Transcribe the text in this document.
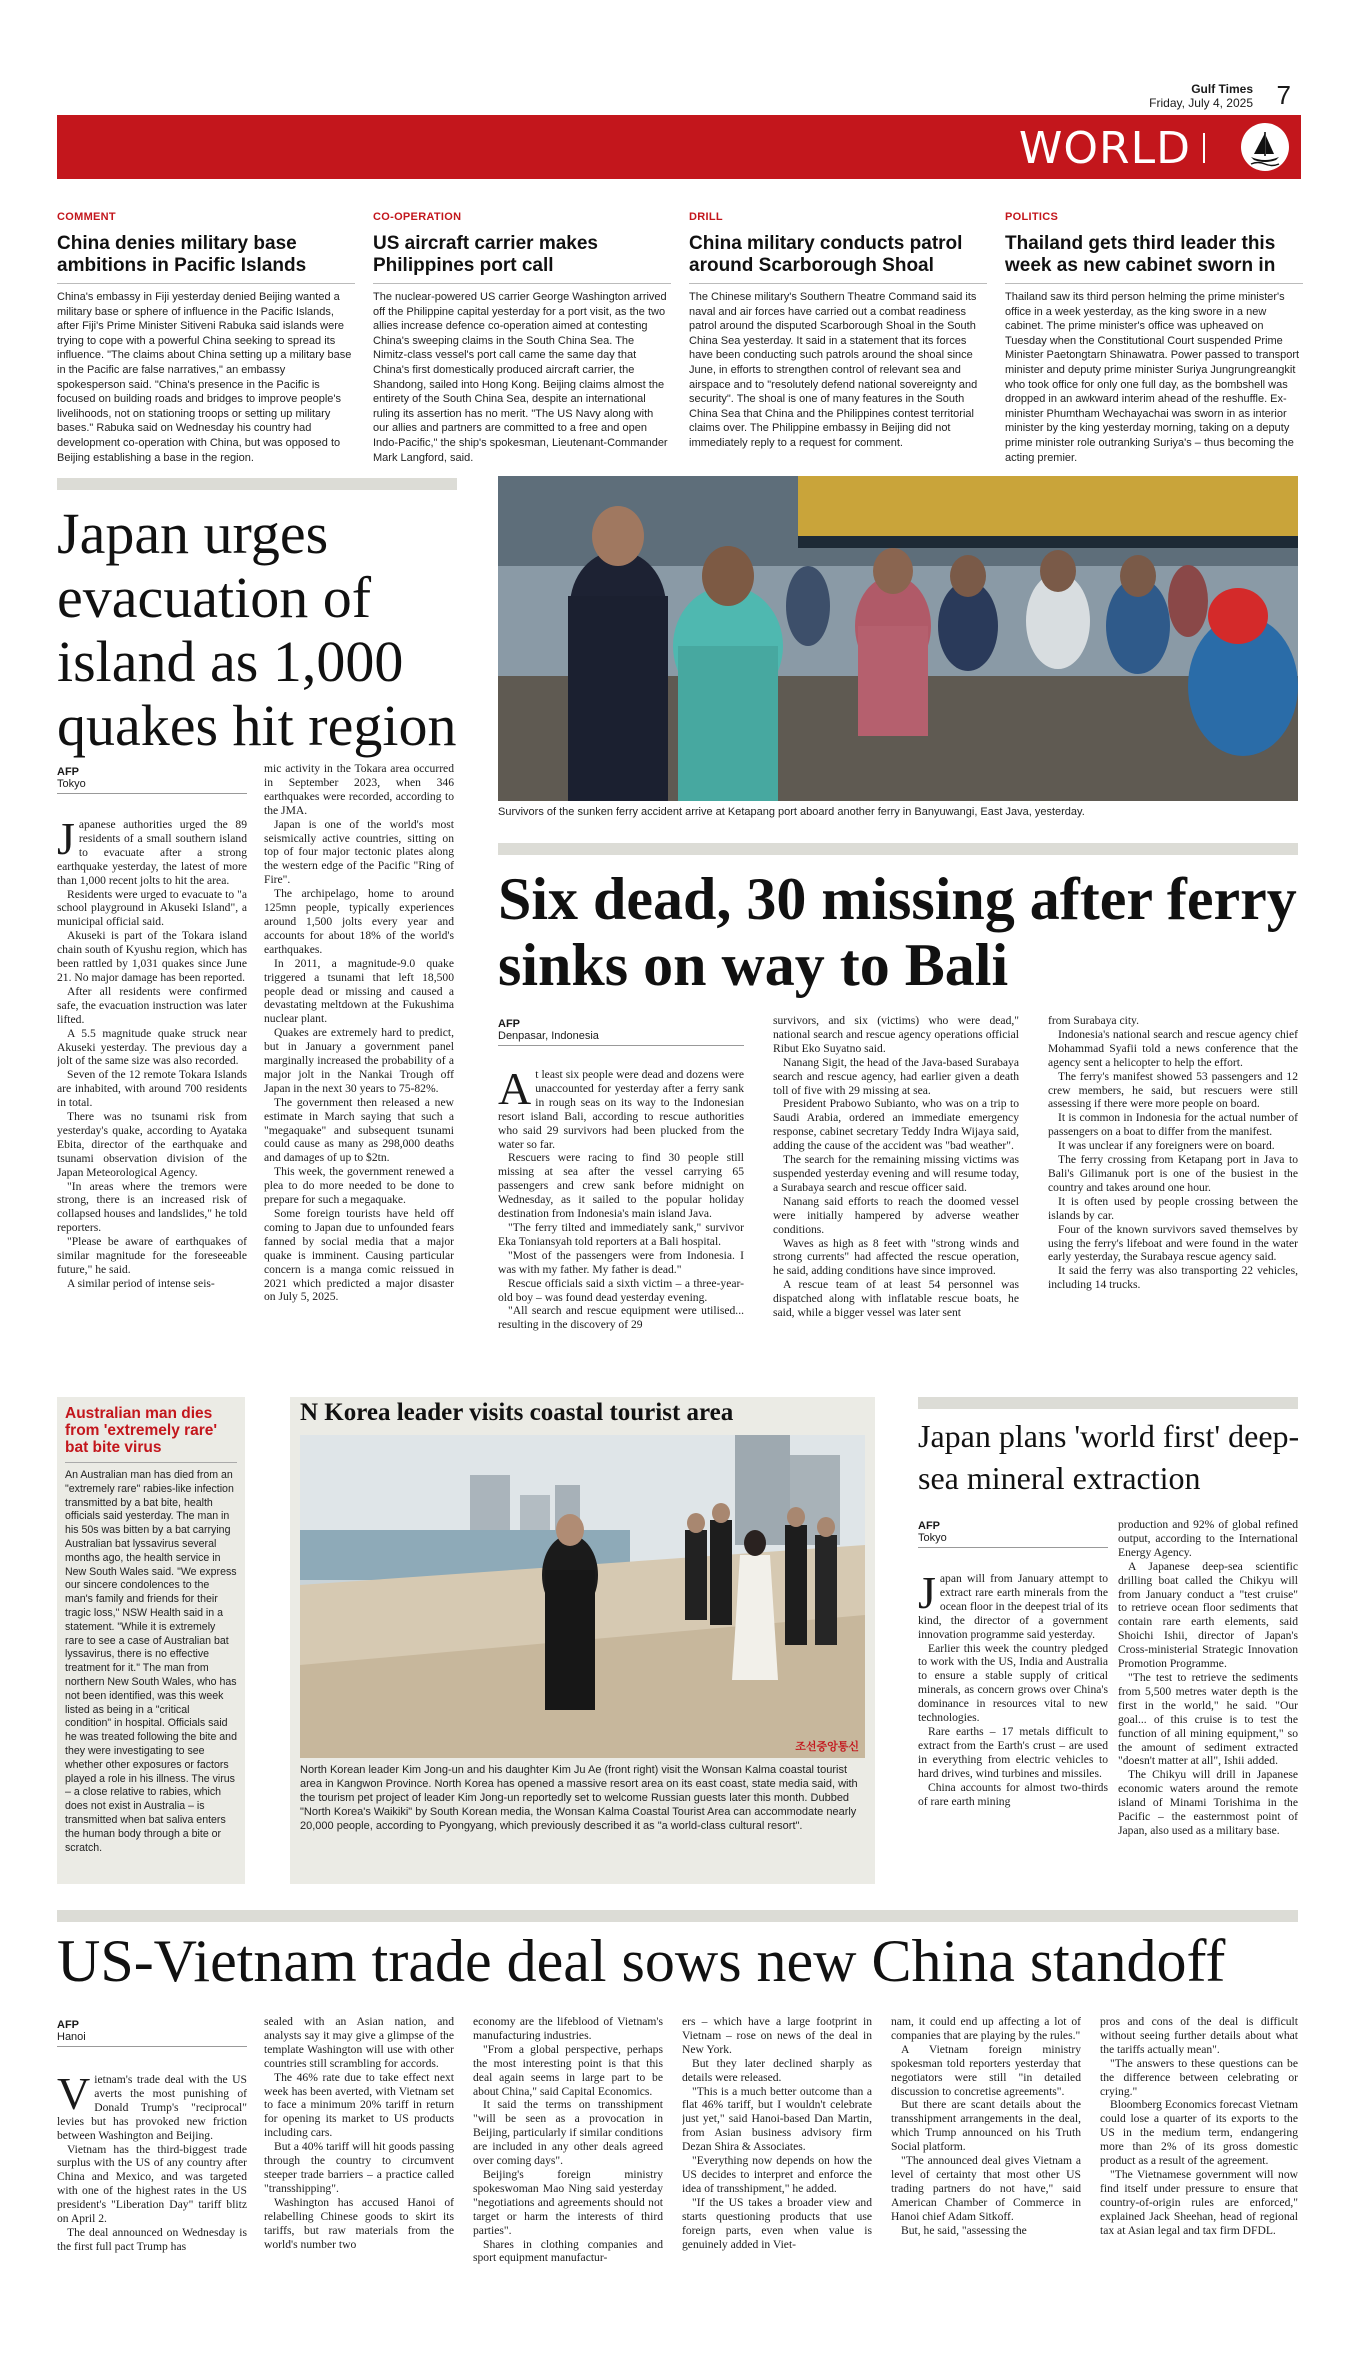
Gulf Times
Friday, July 4, 2025 7
WORLD
COMMENT
China denies military base ambitions in Pacific Islands
China's embassy in Fiji yesterday denied Beijing wanted a military base or sphere of influence in the Pacific Islands, after Fiji's Prime Minister Sitiveni Rabuka said islands were trying to cope with a powerful China seeking to spread its influence. "The claims about China setting up a military base in the Pacific are false narratives," an embassy spokesperson said. "China's presence in the Pacific is focused on building roads and bridges to improve people's livelihoods, not on stationing troops or setting up military bases." Rabuka said on Wednesday his country had development co-operation with China, but was opposed to Beijing establishing a base in the region.
CO-OPERATION
US aircraft carrier makes Philippines port call
The nuclear-powered US carrier George Washington arrived off the Philippine capital yesterday for a port visit, as the two allies increase defence co-operation aimed at contesting China's sweeping claims in the South China Sea. The Nimitz-class vessel's port call came the same day that China's first domestically produced aircraft carrier, the Shandong, sailed into Hong Kong. Beijing claims almost the entirety of the South China Sea, despite an international ruling its assertion has no merit. "The US Navy along with our allies and partners are committed to a free and open Indo-Pacific," the ship's spokesman, Lieutenant-Commander Mark Langford, said.
DRILL
China military conducts patrol around Scarborough Shoal
The Chinese military's Southern Theatre Command said its naval and air forces have carried out a combat readiness patrol around the disputed Scarborough Shoal in the South China Sea yesterday. It said in a statement that its forces have been conducting such patrols around the shoal since June, in efforts to strengthen control of relevant sea and airspace and to "resolutely defend national sovereignty and security". The shoal is one of many features in the South China Sea that China and the Philippines contest territorial claims over. The Philippine embassy in Beijing did not immediately reply to a request for comment.
POLITICS
Thailand gets third leader this week as new cabinet sworn in
Thailand saw its third person helming the prime minister's office in a week yesterday, as the king swore in a new cabinet. The prime minister's office was upheaved on Tuesday when the Constitutional Court suspended Prime Minister Paetongtarn Shinawatra. Power passed to transport minister and deputy prime minister Suriya Jungrungreangkit who took office for only one full day, as the bombshell was dropped in an awkward interim ahead of the reshuffle. Ex-minister Phumtham Wechayachai was sworn in as interior minister by the king yesterday morning, taking on a deputy prime minister role outranking Suriya's – thus becoming the acting premier.
Japan urges evacuation of island as 1,000 quakes hit region
AFP
Tokyo
J apanese authorities urged the 89 residents of a small southern island to evacuate after a strong earthquake yesterday, the latest of more than 1,000 recent jolts to hit the area.

Residents were urged to evacuate to "a school playground in Akuseki Island", a municipal official said.

Akuseki is part of the Tokara island chain south of Kyushu region, which has been rattled by 1,031 quakes since June 21. No major damage has been reported.

After all residents were confirmed safe, the evacuation instruction was later lifted.

A 5.5 magnitude quake struck near Akuseki yesterday. The previous day a jolt of the same size was also recorded.

Seven of the 12 remote Tokara Islands are inhabited, with around 700 residents in total.

There was no tsunami risk from yesterday's quake, according to Ayataka Ebita, director of the earthquake and tsunami observation division of the Japan Meteorological Agency.

"In areas where the tremors were strong, there is an increased risk of collapsed houses and landslides," he told reporters.

"Please be aware of earthquakes of similar magnitude for the foreseeable future," he said.

A similar period of intense seis-

mic activity in the Tokara area occurred in September 2023, when 346 earthquakes were recorded, according to the JMA.

Japan is one of the world's most seismically active countries, sitting on top of four major tectonic plates along the western edge of the Pacific "Ring of Fire".

The archipelago, home to around 125mn people, typically experiences around 1,500 jolts every year and accounts for about 18% of the world's earthquakes.

In 2011, a magnitude-9.0 quake triggered a tsunami that left 18,500 people dead or missing and caused a devastating meltdown at the Fukushima nuclear plant.

Quakes are extremely hard to predict, but in January a government panel marginally increased the probability of a major jolt in the Nankai Trough off Japan in the next 30 years to 75-82%.

The government then released a new estimate in March saying that such a "megaquake" and subsequent tsunami could cause as many as 298,000 deaths and damages of up to $2tn.

This week, the government renewed a plea to do more needed to be done to prepare for such a megaquake.

Some foreign tourists have held off coming to Japan due to unfounded fears fanned by social media that a major quake is imminent. Causing particular concern is a manga comic reissued in 2021 which predicted a major disaster on July 5, 2025.

Survivors of the sunken ferry accident arrive at Ketapang port aboard another ferry in Banyuwangi, East Java, yesterday.
Six dead, 30 missing after ferry sinks on way to Bali
AFP
Denpasar, Indonesia
A t least six people were dead and dozens were unaccounted for yesterday after a ferry sank in rough seas on its way to the Indonesian resort island Bali, according to rescue authorities who said 29 survivors had been plucked from the water so far.

Rescuers were racing to find 30 people still missing at sea after the vessel carrying 65 passengers and crew sank before midnight on Wednesday, as it sailed to the popular holiday destination from Indonesia's main island Java.

"The ferry tilted and immediately sank," survivor Eka Toniansyah told reporters at a Bali hospital.

"Most of the passengers were from Indonesia. I was with my father. My father is dead."

Rescue officials said a sixth victim – a three-year-old boy – was found dead yesterday evening.

"All search and rescue equipment were utilised... resulting in the discovery of 29

survivors, and six (victims) who were dead," national search and rescue agency operations official Ribut Eko Suyatno said.

Nanang Sigit, the head of the Java-based Surabaya search and rescue agency, had earlier given a death toll of five with 29 missing at sea.

President Prabowo Subianto, who was on a trip to Saudi Arabia, ordered an immediate emergency response, cabinet secretary Teddy Indra Wijaya said, adding the cause of the accident was "bad weather".

The search for the remaining missing victims was suspended yesterday evening and will resume today, a Surabaya search and rescue officer said.

Nanang said efforts to reach the doomed vessel were initially hampered by adverse weather conditions.

Waves as high as 8 feet with "strong winds and strong currents" had affected the rescue operation, he said, adding conditions have since improved.

A rescue team of at least 54 personnel was dispatched along with inflatable rescue boats, he said, while a bigger vessel was later sent

from Surabaya city.

Indonesia's national search and rescue agency chief Mohammad Syafii told a news conference that the agency sent a helicopter to help the effort.

The ferry's manifest showed 53 passengers and 12 crew members, he said, but rescuers were still assessing if there were more people on board.

It is common in Indonesia for the actual number of passengers on a boat to differ from the manifest.

It was unclear if any foreigners were on board.

The ferry crossing from Ketapang port in Java to Bali's Gilimanuk port is one of the busiest in the country and takes around one hour.

It is often used by people crossing between the islands by car.

Four of the known survivors saved themselves by using the ferry's lifeboat and were found in the water early yesterday, the Surabaya rescue agency said.

It said the ferry was also transporting 22 vehicles, including 14 trucks.

Australian man dies from 'extremely rare' bat bite virus
An Australian man has died from an "extremely rare" rabies-like infection transmitted by a bat bite, health officials said yesterday. The man in his 50s was bitten by a bat carrying Australian bat lyssavirus several months ago, the health service in New South Wales said. "We express our sincere condolences to the man's family and friends for their tragic loss," NSW Health said in a statement. "While it is extremely rare to see a case of Australian bat lyssavirus, there is no effective treatment for it." The man from northern New South Wales, who has not been identified, was this week listed as being in a "critical condition" in hospital. Officials said he was treated following the bite and they were investigating to see whether other exposures or factors played a role in his illness. The virus – a close relative to rabies, which does not exist in Australia – is transmitted when bat saliva enters the human body through a bite or scratch.
N Korea leader visits coastal tourist area
조선중앙통신
North Korean leader Kim Jong-un and his daughter Kim Ju Ae (front right) visit the Wonsan Kalma coastal tourist area in Kangwon Province. North Korea has opened a massive resort area on its east coast, state media said, with the tourism pet project of leader Kim Jong-un reportedly set to welcome Russian guests later this month. Dubbed "North Korea's Waikiki" by South Korean media, the Wonsan Kalma Coastal Tourist Area can accommodate nearly 20,000 people, according to Pyongyang, which previously described it as "a world-class cultural resort".
Japan plans 'world first' deep-sea mineral extraction
AFP
Tokyo
J apan will from January attempt to extract rare earth minerals from the ocean floor in the deepest trial of its kind, the director of a government innovation programme said yesterday.

Earlier this week the country pledged to work with the US, India and Australia to ensure a stable supply of critical minerals, as concern grows over China's dominance in resources vital to new technologies.

Rare earths – 17 metals difficult to extract from the Earth's crust – are used in everything from electric vehicles to hard drives, wind turbines and missiles.

China accounts for almost two-thirds of rare earth mining

production and 92% of global refined output, according to the International Energy Agency.

A Japanese deep-sea scientific drilling boat called the Chikyu will from January conduct a "test cruise" to retrieve ocean floor sediments that contain rare earth elements, said Shoichi Ishii, director of Japan's Cross-ministerial Strategic Innovation Promotion Programme.

"The test to retrieve the sediments from 5,500 metres water depth is the first in the world," he said. "Our goal... of this cruise is to test the function of all mining equipment," so the amount of sediment extracted "doesn't matter at all", Ishii added.

The Chikyu will drill in Japanese economic waters around the remote island of Minami Torishima in the Pacific – the easternmost point of Japan, also used as a military base.

US-Vietnam trade deal sows new China standoff
AFP
Hanoi
V ietnam's trade deal with the US averts the most punishing of Donald Trump's "reciprocal" levies but has provoked new friction between Washington and Beijing.

Vietnam has the third-biggest trade surplus with the US of any country after China and Mexico, and was targeted with one of the highest rates in the US president's "Liberation Day" tariff blitz on April 2.

The deal announced on Wednesday is the first full pact Trump has

sealed with an Asian nation, and analysts say it may give a glimpse of the template Washington will use with other countries still scrambling for accords.

The 46% rate due to take effect next week has been averted, with Vietnam set to face a minimum 20% tariff in return for opening its market to US products including cars.

But a 40% tariff will hit goods passing through the country to circumvent steeper trade barriers – a practice called "transshipping".

Washington has accused Hanoi of relabelling Chinese goods to skirt its tariffs, but raw materials from the world's number two

economy are the lifeblood of Vietnam's manufacturing industries.

"From a global perspective, perhaps the most interesting point is that this deal again seems in large part to be about China," said Capital Economics.

It said the terms on transshipment "will be seen as a provocation in Beijing, particularly if similar conditions are included in any other deals agreed over coming days".

Beijing's foreign ministry spokeswoman Mao Ning said yesterday "negotiations and agreements should not target or harm the interests of third parties".

Shares in clothing companies and sport equipment manufactur-

ers – which have a large footprint in Vietnam – rose on news of the deal in New York.

But they later declined sharply as details were released.

"This is a much better outcome than a flat 46% tariff, but I wouldn't celebrate just yet," said Hanoi-based Dan Martin, from Asian business advisory firm Dezan Shira & Associates.

"Everything now depends on how the US decides to interpret and enforce the idea of transshipment," he added.

"If the US takes a broader view and starts questioning products that use foreign parts, even when value is genuinely added in Viet-

nam, it could end up affecting a lot of companies that are playing by the rules."

A Vietnam foreign ministry spokesman told reporters yesterday that negotiators were still "in detailed discussion to concretise agreements".

But there are scant details about the transshipment arrangements in the deal, which Trump announced on his Truth Social platform.

"The announced deal gives Vietnam a level of certainty that most other US trading partners do not have," said American Chamber of Commerce in Hanoi chief Adam Sitkoff.

But, he said, "assessing the

pros and cons of the deal is difficult without seeing further details about what the tariffs actually mean".

"The answers to these questions can be the difference between celebrating or crying."

Bloomberg Economics forecast Vietnam could lose a quarter of its exports to the US in the medium term, endangering more than 2% of its gross domestic product as a result of the agreement.

"The Vietnamese government will now find itself under pressure to ensure that country-of-origin rules are enforced," explained Jack Sheehan, head of regional tax at Asian legal and tax firm DFDL.
